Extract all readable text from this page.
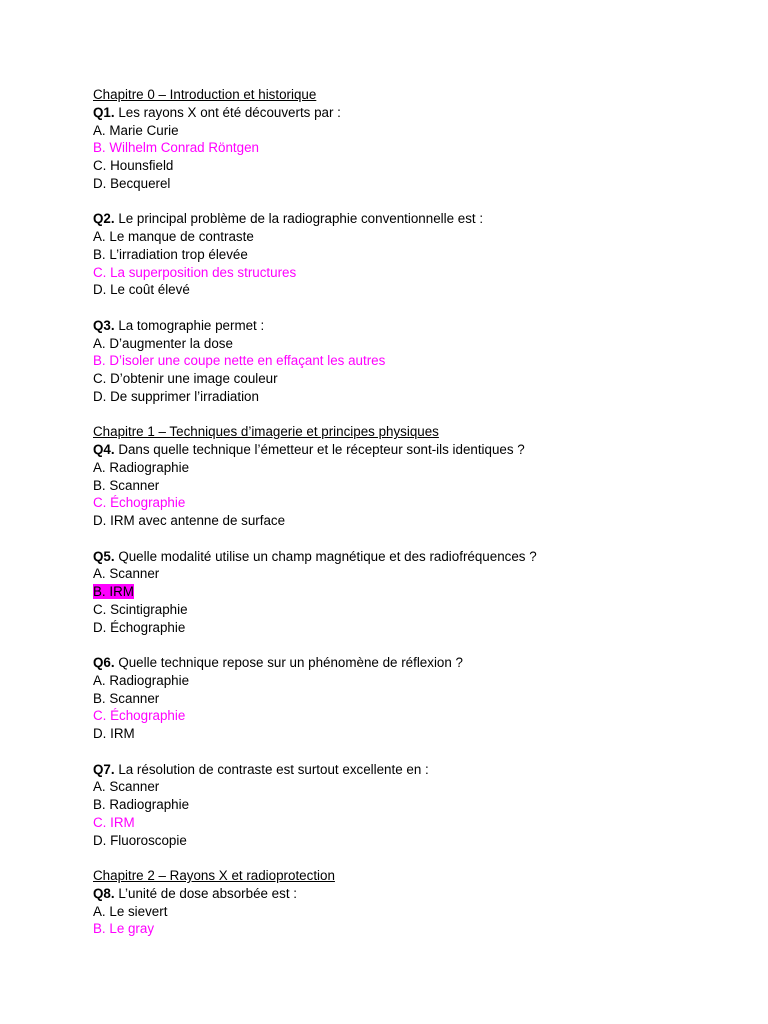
Chapitre 0 – Introduction et historique
Q1. Les rayons X ont été découverts par :
A. Marie Curie
B. Wilhelm Conrad Röntgen
C. Hounsfield
D. Becquerel
Q2. Le principal problème de la radiographie conventionnelle est :
A. Le manque de contraste
B. L’irradiation trop élevée
C. La superposition des structures
D. Le coût élevé
Q3. La tomographie permet :
A. D’augmenter la dose
B. D’isoler une coupe nette en effaçant les autres
C. D’obtenir une image couleur
D. De supprimer l’irradiation
Chapitre 1 – Techniques d’imagerie et principes physiques
Q4. Dans quelle technique l’émetteur et le récepteur sont-ils identiques ?
A. Radiographie
B. Scanner
C. Échographie
D. IRM avec antenne de surface
Q5. Quelle modalité utilise un champ magnétique et des radiofréquences ?
A. Scanner
B. IRM
C. Scintigraphie
D. Échographie
Q6. Quelle technique repose sur un phénomène de réflexion ?
A. Radiographie
B. Scanner
C. Échographie
D. IRM
Q7. La résolution de contraste est surtout excellente en :
A. Scanner
B. Radiographie
C. IRM
D. Fluoroscopie
Chapitre 2 – Rayons X et radioprotection
Q8. L’unité de dose absorbée est :
A. Le sievert
B. Le gray
